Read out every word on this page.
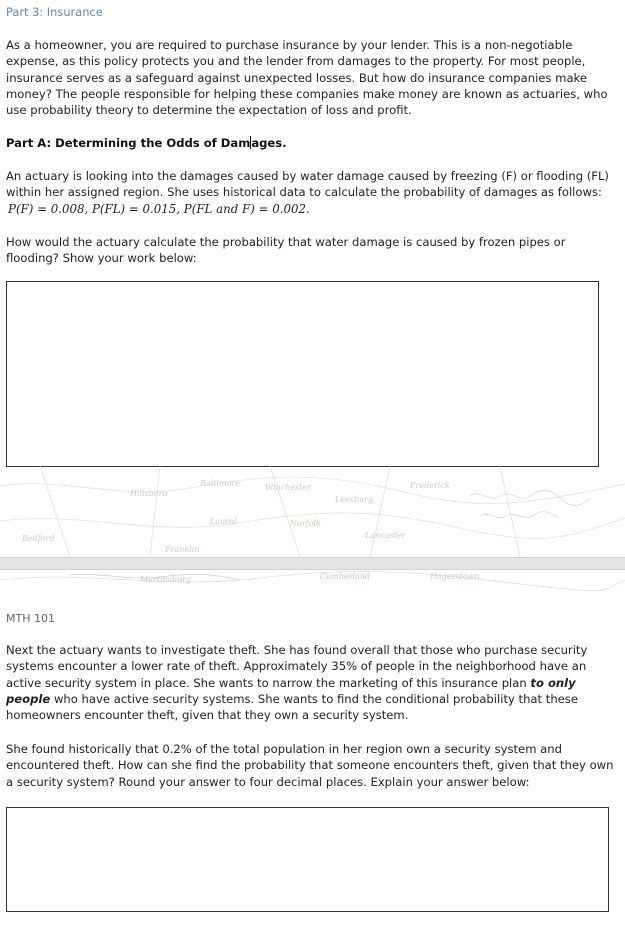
Part 3: Insurance

As a homeowner, you are required to purchase insurance by your lender. This is a non-negotiable expense, as this policy protects you and the lender from damages to the property. For most people, insurance serves as a safeguard against unexpected losses. But how do insurance companies make money? The people responsible for helping these companies make money are known as actuaries, who use probability theory to determine the expectation of loss and profit.

Part A: Determining the Odds of Damages.

An actuary is looking into the damages caused by water damage caused by freezing (F) or flooding (FL) within her assigned region. She uses historical data to calculate the probability of damages as follows:

P(F) = 0.008, P(FL) = 0.015, P(FL and F) = 0.002.

How would the actuary calculate the probability that water damage is caused by frozen pipes or flooding? Show your work below:

Bedford
Baltimore
Hillsboro
Norfolk
Lancaster
Laurel
Winchester	Frederick
Leesburg
Franklin
Martinsburg	Cumberland	Hagerstown

MTH 101

Next the actuary wants to investigate theft. She has found overall that those who purchase security systems encounter a lower rate of theft. Approximately 35% of people in the neighborhood have an active security system in place. She wants to narrow the marketing of this insurance plan to only people who have active security systems. She wants to find the conditional probability that these homeowners encounter theft, given that they own a security system.

She found historically that 0.2% of the total population in her region own a security system and encountered theft. How can she find the probability that someone encounters theft, given that they own a security system? Round your answer to four decimal places. Explain your answer below:
